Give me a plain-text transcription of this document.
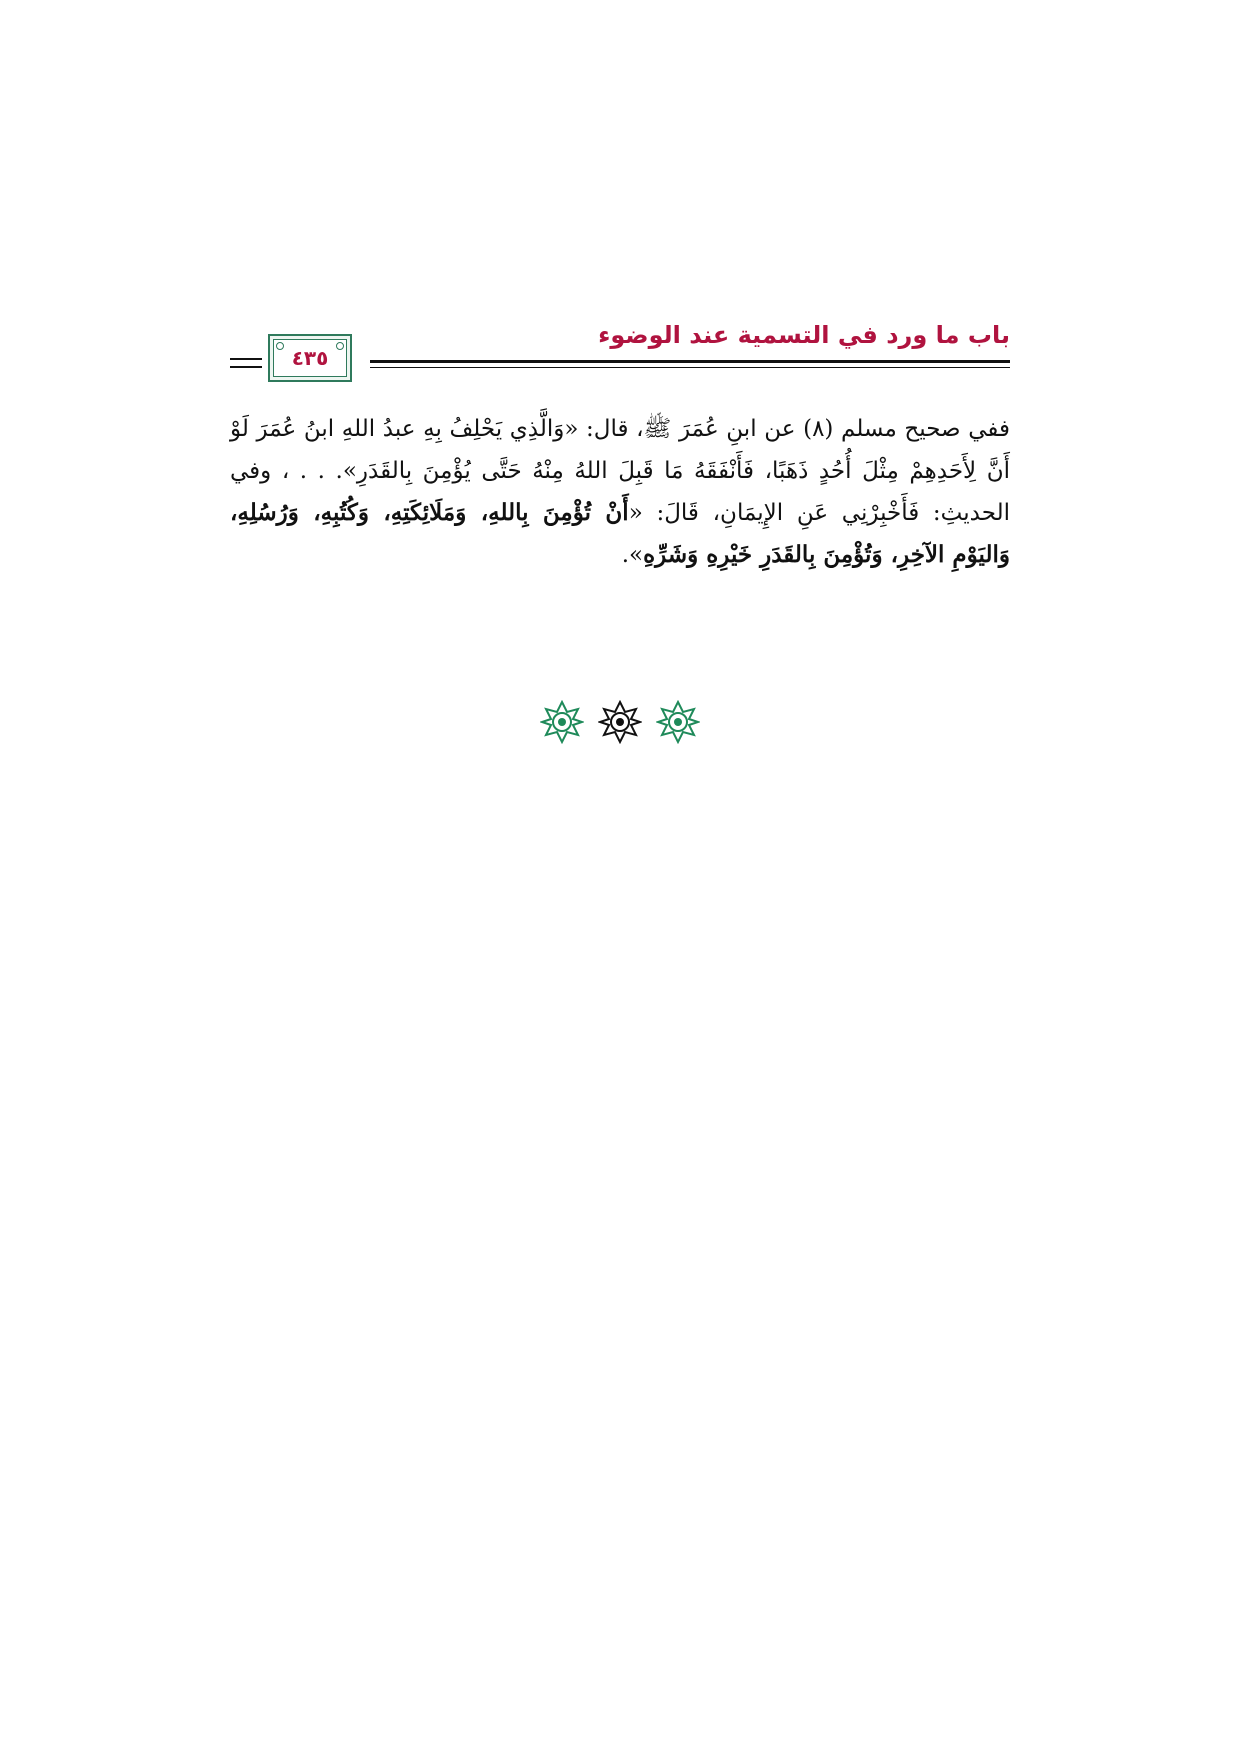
باب ما ورد في التسمية عند الوضوء
٤٣٥
ففي صحيح مسلم (٨) عن ابنِ عُمَرَ ﷺ، قال: «وَالَّذِي يَحْلِفُ بِهِ عبدُ اللهِ ابنُ عُمَرَ لَوْ أَنَّ لِأَحَدِهِمْ مِثْلَ أُحُدٍ ذَهَبًا، فَأَنْفَقَهُ مَا قَبِلَ اللهُ مِنْهُ حَتَّى يُؤْمِنَ بِالقَدَرِ». . . ، وفي الحديثِ: فَأَخْبِرْنِي عَنِ الإِيمَانِ، قَالَ: «أَنْ تُؤْمِنَ بِاللهِ، وَمَلَائِكَتِهِ، وَكُتُبِهِ، وَرُسُلِهِ، وَاليَوْمِ الآخِرِ، وَتُؤْمِنَ بِالقَدَرِ خَيْرِهِ وَشَرِّهِ».
